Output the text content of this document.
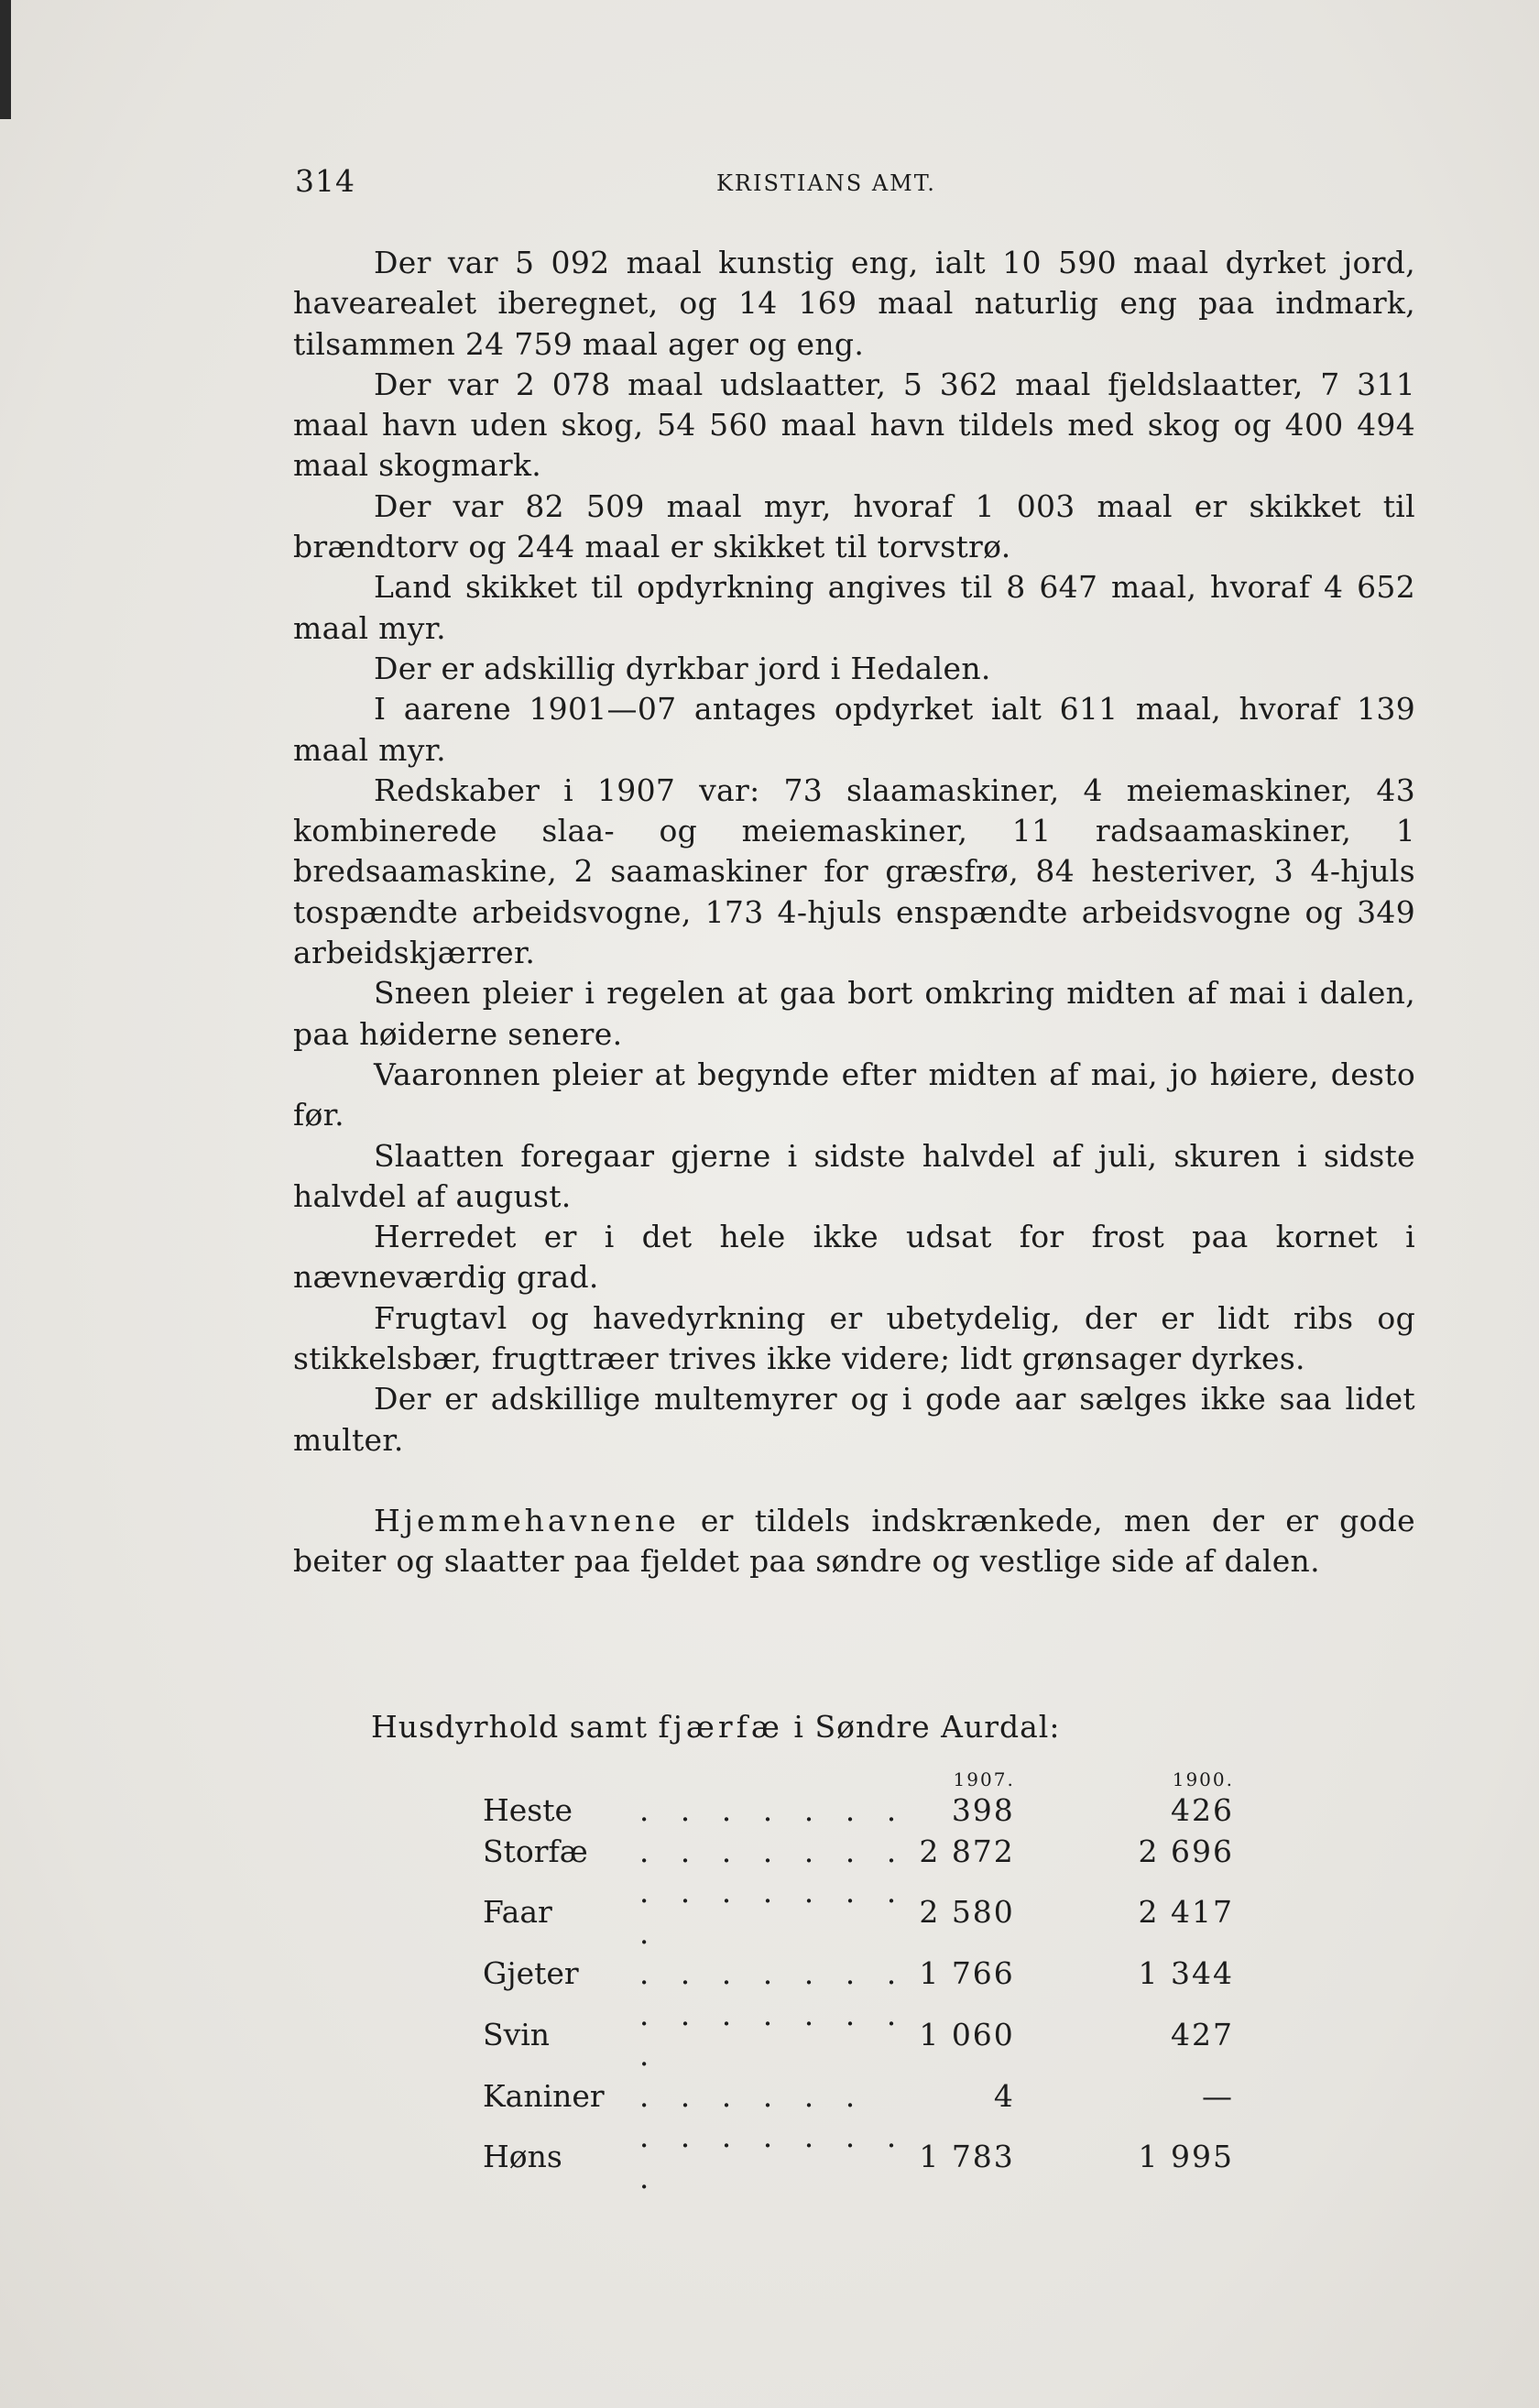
314	KRISTIANS AMT.

Der var 5 092 maal kunstig eng, ialt 10 590 maal dyrket jord, havearealet iberegnet, og 14 169 maal naturlig eng paa indmark, tilsammen 24 759 maal ager og eng.

Der var 2 078 maal udslaatter, 5 362 maal fjeldslaatter, 7 311 maal havn uden skog, 54 560 maal havn tildels med skog og 400 494 maal skogmark.

Der var 82 509 maal myr, hvoraf 1 003 maal er skikket til brændtorv og 244 maal er skikket til torvstrø.

Land skikket til opdyrkning angives til 8 647 maal, hvoraf 4 652 maal myr.

Der er adskillig dyrkbar jord i Hedalen.

I aarene 1901—07 antages opdyrket ialt 611 maal, hvoraf 139 maal myr.

Redskaber i 1907 var: 73 slaamaskiner, 4 meiemaskiner, 43 kombinerede slaa- og meiemaskiner, 11 radsaamaskiner, 1 bredsaamaskine, 2 saamaskiner for græsfrø, 84 hesteriver, 3 4-hjuls tospændte arbeidsvogne, 173 4-hjuls enspændte arbeidsvogne og 349 arbeidskjærrer.

Sneen pleier i regelen at gaa bort omkring midten af mai i dalen, paa høiderne senere.

Vaaronnen pleier at begynde efter midten af mai, jo høiere, desto før.

Slaatten foregaar gjerne i sidste halvdel af juli, skuren i sidste halvdel af august.

Herredet er i det hele ikke udsat for frost paa kornet i nævneværdig grad.

Frugtavl og havedyrkning er ubetydelig, der er lidt ribs og stikkelsbær, frugttræer trives ikke videre; lidt grønsager dyrkes.

Der er adskillige multemyrer og i gode aar sælges ikke saa lidet multer.

Hjemmehavnene er tildels indskrænkede, men der er gode beiter og slaatter paa fjeldet paa søndre og vestlige side af dalen.

Husdyrhold samt fjærfæ i Søndre Aurdal:
		1907.		1900.
Heste	. . . . . . .	398		426
Storfæ	. . . . . . .	2 872		2 696
Faar	. . . . . . . .	2 580		2 417
Gjeter	. . . . . . .	1 766		1 344
Svin	. . . . . . . .	1 060		427
Kaniner	. . . . . .	4		—
Høns	. . . . . . . .	1 783		1 995
